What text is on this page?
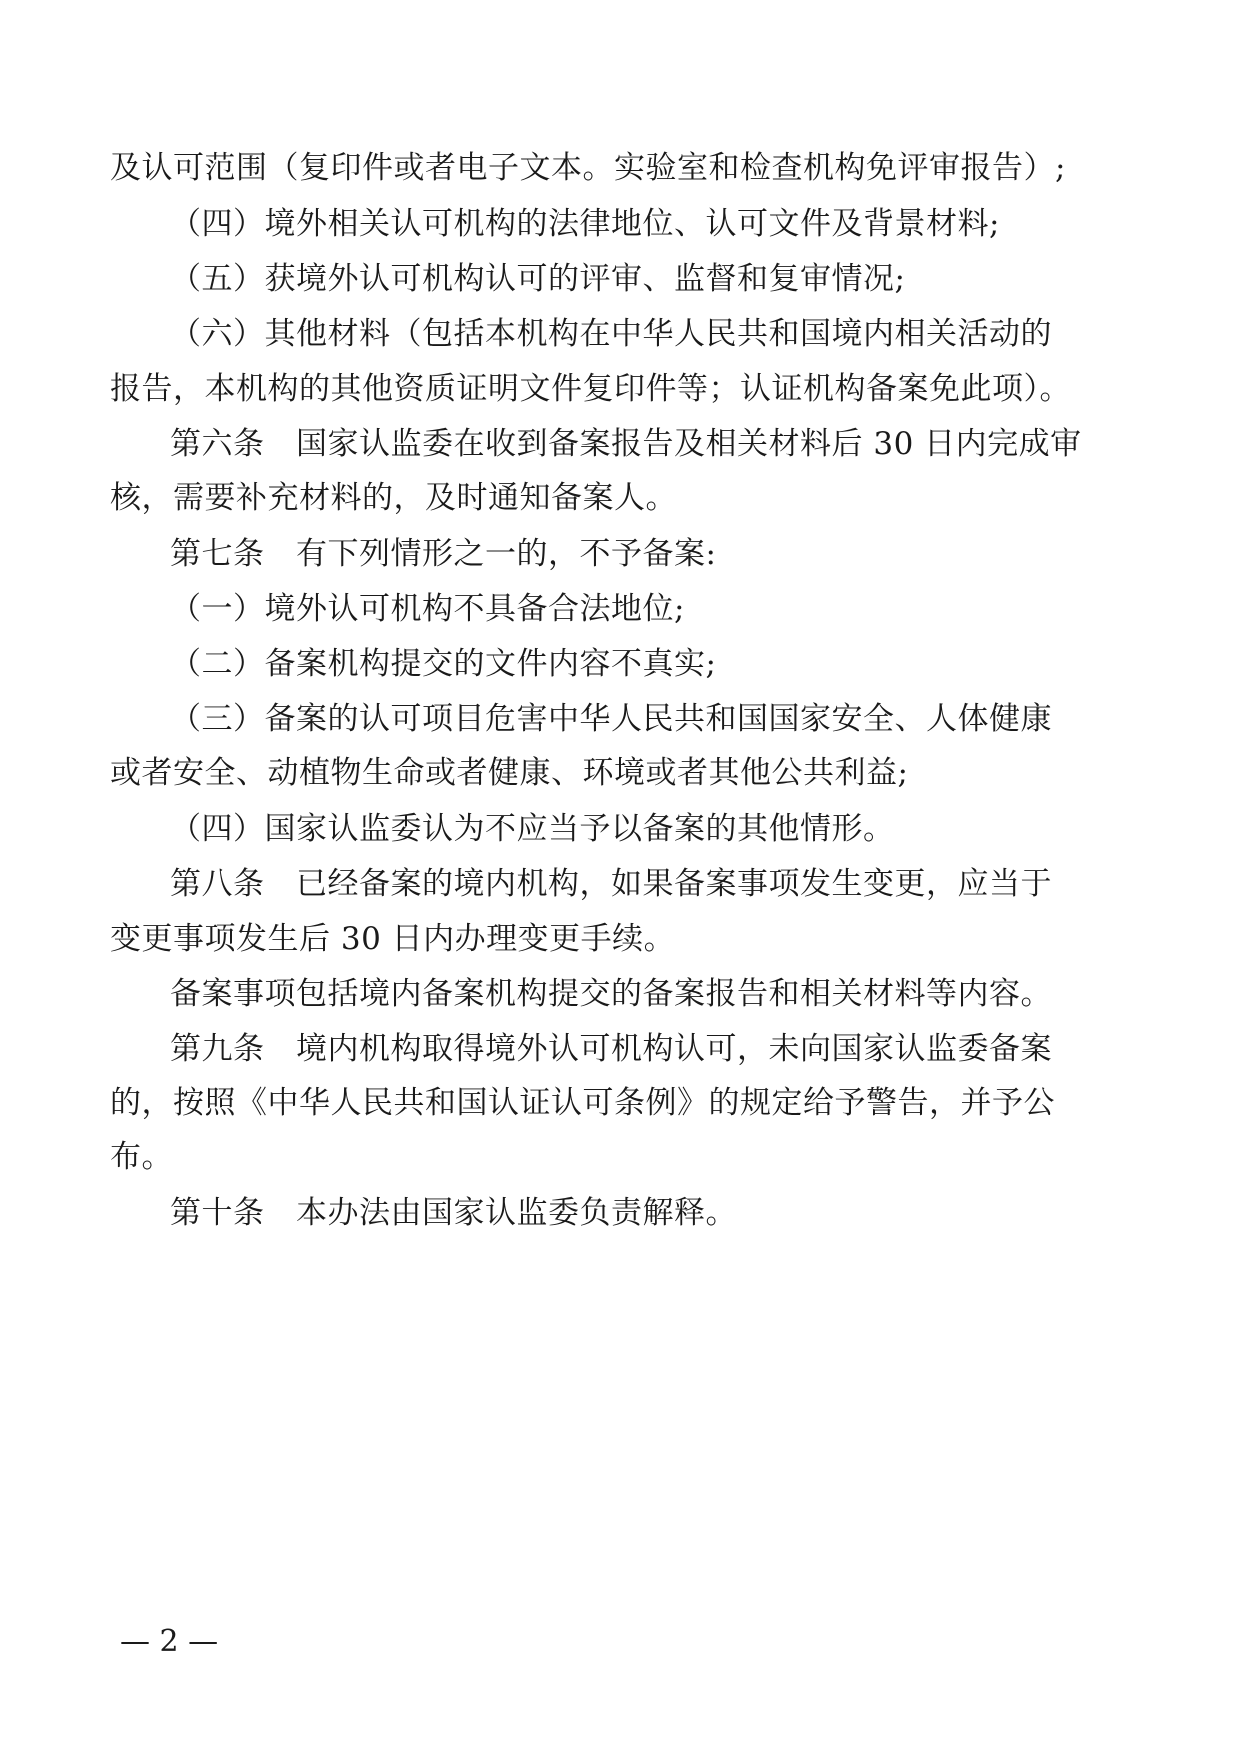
及认可范围（复印件或者电子文本。实验室和检查机构免评审报告）;
（四）境外相关认可机构的法律地位、认可文件及背景材料;
（五）获境外认可机构认可的评审、监督和复审情况;
（六）其他材料（包括本机构在中华人民共和国境内相关活动的
报告，本机构的其他资质证明文件复印件等；认证机构备案免此项）。
第六条　国家认监委在收到备案报告及相关材料后 30 日内完成审
核，需要补充材料的，及时通知备案人。
第七条　有下列情形之一的，不予备案:
（一）境外认可机构不具备合法地位;
（二）备案机构提交的文件内容不真实;
（三）备案的认可项目危害中华人民共和国国家安全、人体健康
或者安全、动植物生命或者健康、环境或者其他公共利益;
（四）国家认监委认为不应当予以备案的其他情形。
第八条　已经备案的境内机构，如果备案事项发生变更，应当于
变更事项发生后 30 日内办理变更手续。
备案事项包括境内备案机构提交的备案报告和相关材料等内容。
第九条　境内机构取得境外认可机构认可，未向国家认监委备案
的，按照《中华人民共和国认证认可条例》的规定给予警告，并予公
布。
第十条　本办法由国家认监委负责解释。
— 2 —
